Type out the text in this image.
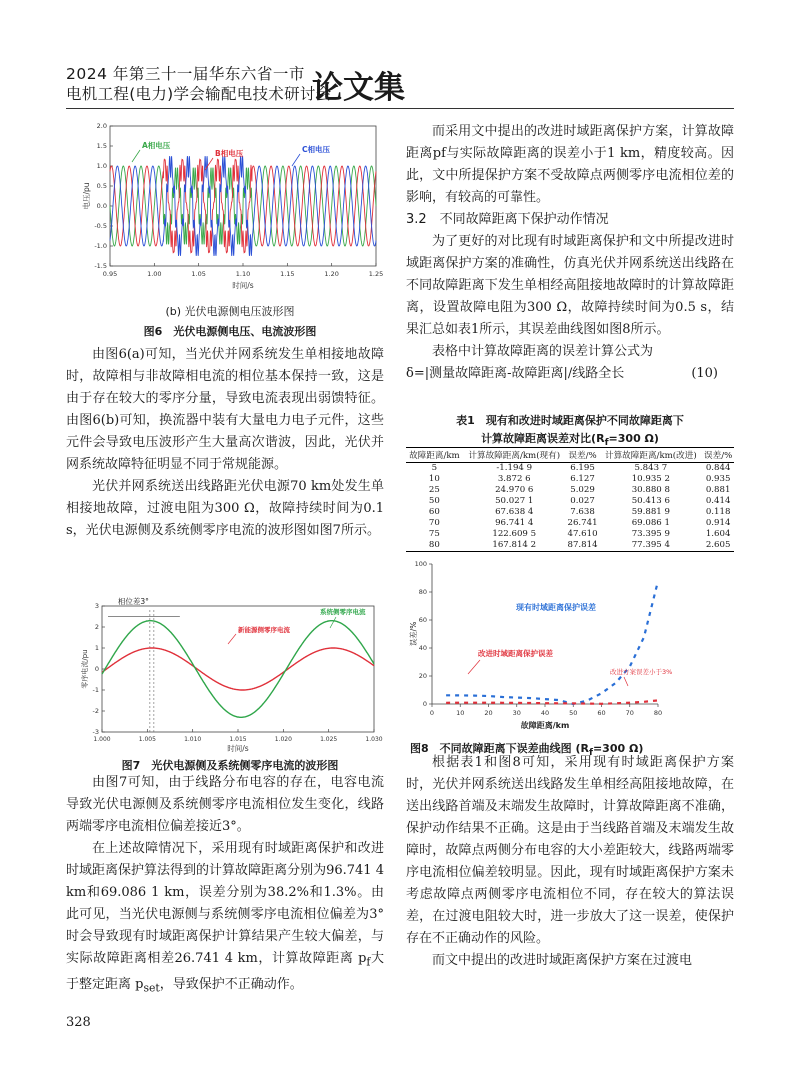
2024 年第三十一届华东六省一市
电机工程(电力)学会输配电技术研讨会
论文集
0.95	1.00	1.05	1.10	1.15	1.20	1.25
2.0
1.5
1.0
0.5
0.0
-0.5
-1.0
-1.5
时间/s
电压/pu
A相电压
B相电压	C相电压
(b) 光伏电源侧电压波形图
图6　光伏电源侧电压、电流波形图

由图6(a)可知，当光伏并网系统发生单相接地故障时，故障相与非故障相电流的相位基本保持一致，这是由于存在较大的零序分量，导致电流表现出弱馈特征。由图6(b)可知，换流器中装有大量电力电子元件，这些元件会导致电压波形产生大量高次谐波，因此，光伏并网系统故障特征明显不同于常规能源。

光伏并网系统送出线路距光伏电源70 km处发生单相接地故障，过渡电阻为300 Ω，故障持续时间为0.1 s，光伏电源侧及系统侧零序电流的波形图如图7所示。

1.000	1.005	1.010	1.015	1.020	1.025	1.030
3
2
1
0
-1
-2
-3
时间/s
零序电流/pu
相位差3°
新能源侧零序电流
系统侧零序电流
图7　光伏电源侧及系统侧零序电流的波形图

由图7可知，由于线路分布电容的存在，电容电流导致光伏电源侧及系统侧零序电流相位发生变化，线路两端零序电流相位偏差接近3°。

在上述故障情况下，采用现有时域距离保护和改进时域距离保护算法得到的计算故障距离分别为96.741 4 km和69.086 1 km，误差分别为38.2%和1.3%。由此可见，当光伏电源侧与系统侧零序电流相位偏差为3°时会导致现有时域距离保护计算结果产生较大偏差，与实际故障距离相差26.741 4 km，计算故障距离 $p_f$大于整定距离 $p_{set}$，导致保护不正确动作。

328

而采用文中提出的改进时域距离保护方案，计算故障距离pf与实际故障距离的误差小于1 km，精度较高。因此，文中所提保护方案不受故障点两侧零序电流相位差的影响，有较高的可靠性。

3.2　不同故障距离下保护动作情况

为了更好的对比现有时域距离保护和文中所提改进时域距离保护方案的准确性，仿真光伏并网系统送出线路在不同故障距离下发生单相经高阻接地故障时的计算故障距离，设置故障电阻为300 Ω，故障持续时间为0.5 s，结果汇总如表1所示，其误差曲线图如图8所示。

表格中计算故障距离的误差计算公式为

δ=|测量故障距离-故障距离|/线路全长	(10)

表1　现有和改进时域距离保护不同故障距离下
计算故障距离误差对比($R_f=300$ Ω)
故障距离/km	计算故障距离/km(现有)	误差/%	计算故障距离/km(改进)	误差/%
5	-1.194 9	6.195	5.843 7	0.844
10	3.872 6	6.127	10.935 2	0.935
25	24.970 6	5.029	30.880 8	0.881
50	50.027 1	0.027	50.413 6	0.414
60	67.638 4	7.638	59.881 9	0.118
70	96.741 4	26.741	69.086 1	0.914
75	122.609 5	47.610	73.395 9	1.604
80	167.814 2	87.814	77.395 4	2.605
0	10	20	30	40	50	60	70	80
100
80
60
40
20
0
故障距离/km
误差/%
现有时域距离保护误差
改进时域距离保护误差
改进方案误差小于3%
图8　不同故障距离下误差曲线图 ($R_f=300$ Ω)

根据表1和图8可知，采用现有时域距离保护方案时，光伏并网系统送出线路发生单相经高阻接地故障，在送出线路首端及末端发生故障时，计算故障距离不准确，保护动作结果不正确。这是由于当线路首端及末端发生故障时，故障点两侧分布电容的大小差距较大，线路两端零序电流相位偏差较明显。因此，现有时域距离保护方案未考虑故障点两侧零序电流相位不同，存在较大的算法误差，在过渡电阻较大时，进一步放大了这一误差，使保护存在不正确动作的风险。

而文中提出的改进时域距离保护方案在过渡电
